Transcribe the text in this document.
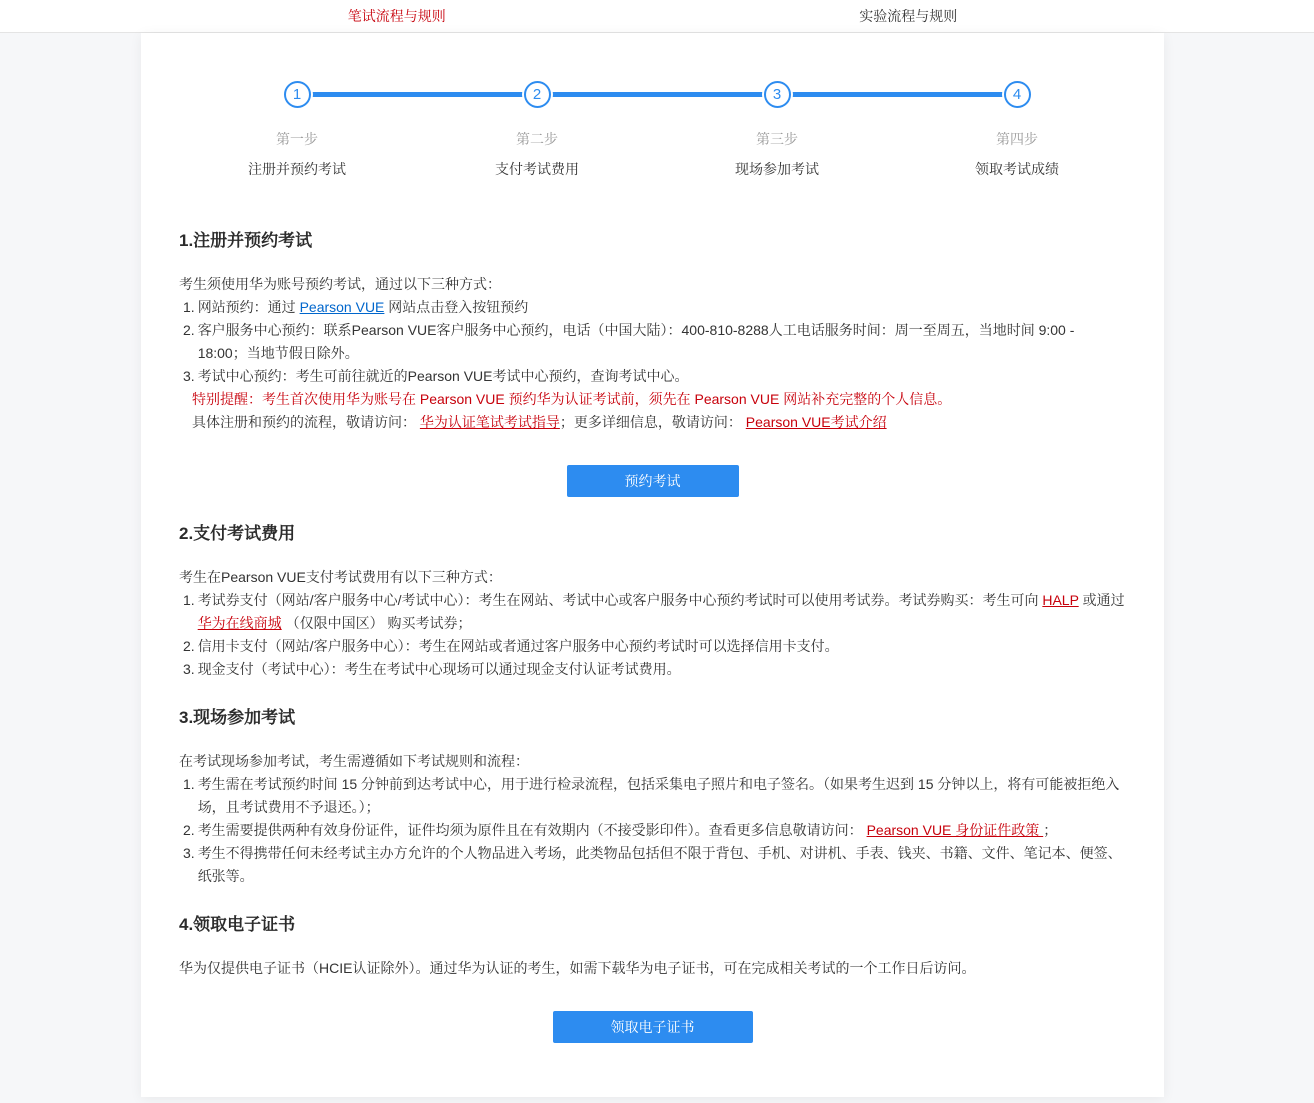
笔试流程与规则	实验流程与规则
1
第一步
注册并预约考试
2
第二步
支付考试费用
3
第三步
现场参加考试
4
第四步
领取考试成绩
1.注册并预约考试

考生须使用华为账号预约考试，通过以下三种方式：

1. 网站预约：通过 Pearson VUE 网站点击登入按钮预约
2. 客户服务中心预约：联系Pearson VUE客户服务中心预约，电话（中国大陆）：400-810-8288人工电话服务时间：周一至周五，当地时间 9:00 - 18:00；当地节假日除外。
3. 考试中心预约：考生可前往就近的Pearson VUE考试中心预约，查询考试中心。
特别提醒：考生首次使用华为账号在 Pearson VUE 预约华为认证考试前，须先在 Pearson VUE 网站补充完整的个人信息。
具体注册和预约的流程，敬请访问： 华为认证笔试考试指导；更多详细信息，敬请访问： Pearson VUE考试介绍
预约考试
2.支付考试费用

考生在Pearson VUE支付考试费用有以下三种方式：

1. 考试券支付（网站/客户服务中心/考试中心）：考生在网站、考试中心或客户服务中心预约考试时可以使用考试券。考试券购买：考生可向 HALP 或通过 华为在线商城 （仅限中国区） 购买考试券；
2. 信用卡支付（网站/客户服务中心）：考生在网站或者通过客户服务中心预约考试时可以选择信用卡支付。
3. 现金支付（考试中心）：考生在考试中心现场可以通过现金支付认证考试费用。
3.现场参加考试

在考试现场参加考试，考生需遵循如下考试规则和流程：

1. 考生需在考试预约时间 15 分钟前到达考试中心，用于进行检录流程，包括采集电子照片和电子签名。（如果考生迟到 15 分钟以上，将有可能被拒绝入场，且考试费用不予退还。）；
2. 考生需要提供两种有效身份证件，证件均须为原件且在有效期内（不接受影印件）。查看更多信息敬请访问： Pearson VUE 身份证件政策 ；
3. 考生不得携带任何未经考试主办方允许的个人物品进入考场，此类物品包括但不限于背包、手机、对讲机、手表、钱夹、书籍、文件、笔记本、便签、纸张等。
4.领取电子证书

华为仅提供电子证书（HCIE认证除外）。通过华为认证的考生，如需下载华为电子证书，可在完成相关考试的一个工作日后访问。

领取电子证书
